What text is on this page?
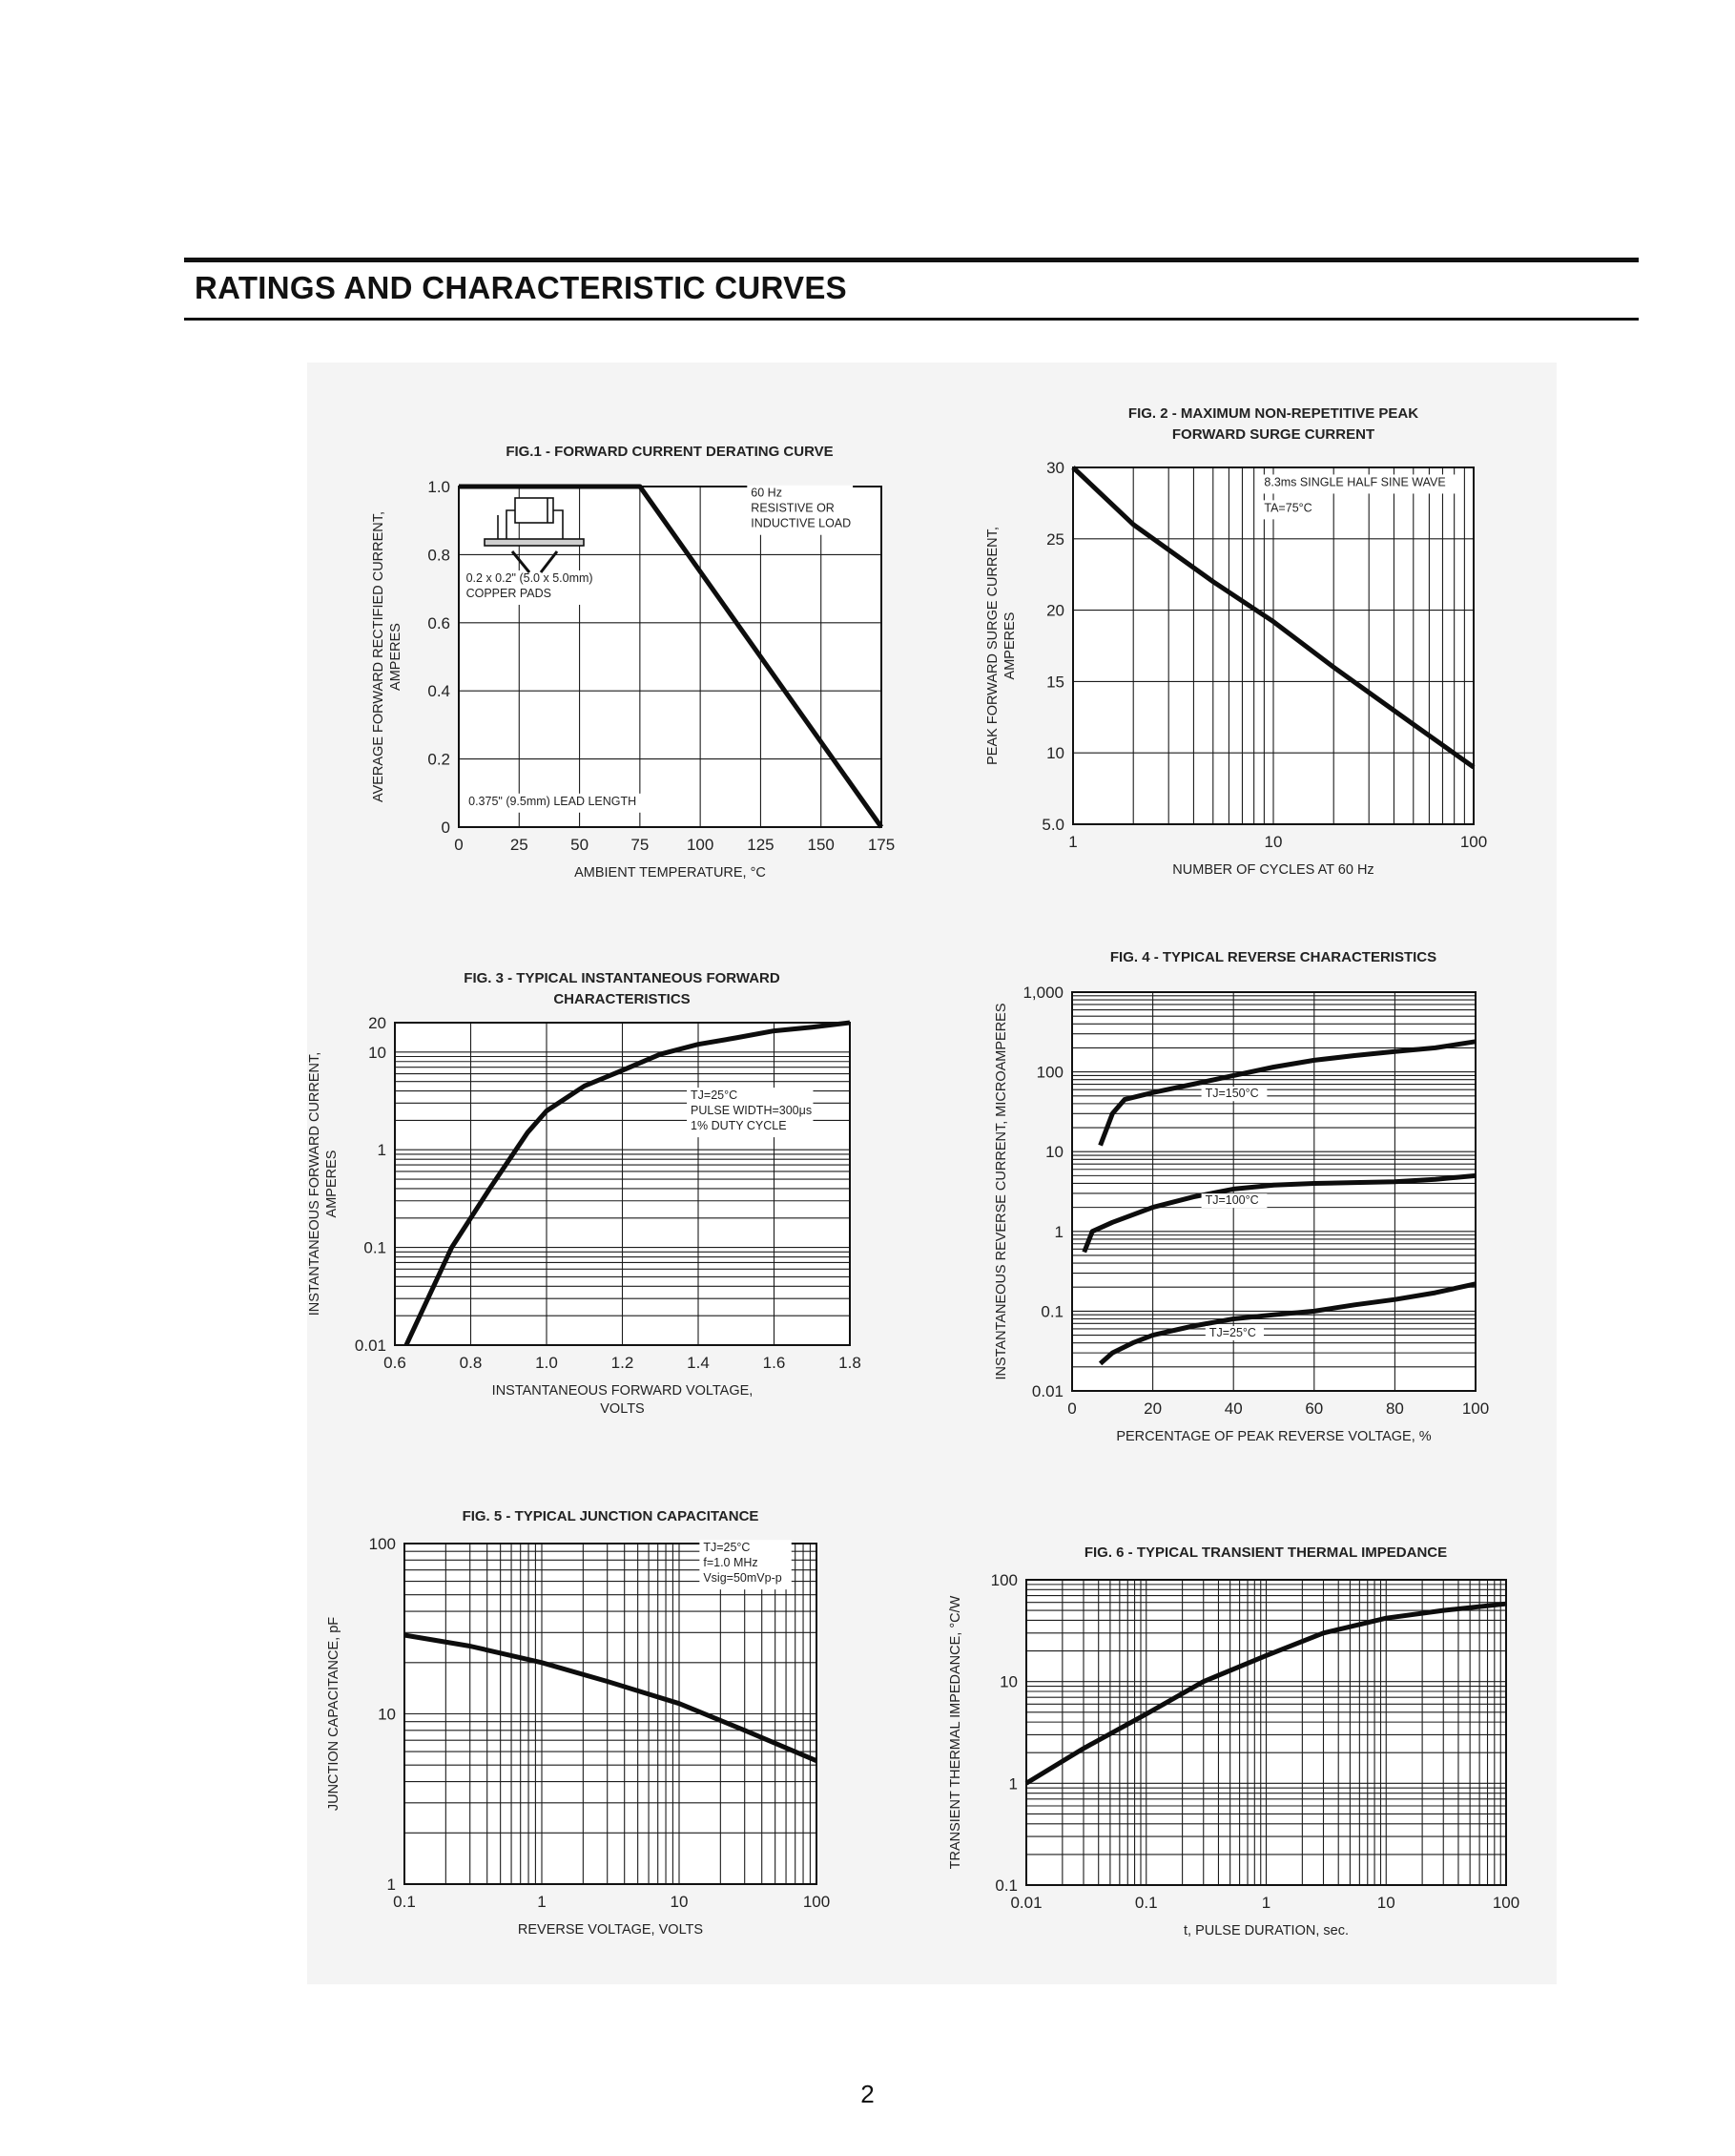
RATINGS AND CHARACTERISTIC CURVES
FIG.1 - FORWARD CURRENT DERATING CURVE
0	25	50	75 100 125 150 175
0
0.2
0.4
0.6
0.8
1.0
AMBIENT TEMPERATURE, °C
AVERAGE FORWARD RECTIFIED CURRENT, AMPERES
60 Hz
RESISTIVE OR
INDUCTIVE LOAD
0.2 x 0.2" (5.0 x 5.0mm)
COPPER PADS
0.375" (9.5mm) LEAD LENGTH
FIG. 2 - MAXIMUM NON-REPETITIVE PEAK
FORWARD SURGE CURRENT
1	10	100
5.0
10
15
20
25
30
NUMBER OF CYCLES AT 60 Hz
PEAK FORWARD SURGE CURRENT, AMPERES
8.3ms SINGLE HALF SINE WAVE
TA=75°C
FIG. 3 - TYPICAL INSTANTANEOUS FORWARD
CHARACTERISTICS
0.6	0.8	1.0	1.2	1.4	1.6	1.8
0.01
0.1
1
10
20
INSTANTANEOUS FORWARD VOLTAGE,
VOLTS
INSTANTANEOUS FORWARD CURRENT, AMPERES
TJ=25°C
PULSE WIDTH=300μs
1% DUTY CYCLE
FIG. 4 - TYPICAL REVERSE CHARACTERISTICS
0	20	40	60	80	100
0.01
0.1
1
10
100
1,000
PERCENTAGE OF PEAK REVERSE VOLTAGE, %
INSTANTANEOUS REVERSE CURRENT, MICROAMPERES	TJ=150°C
TJ=100°C
TJ=25°C
FIG. 5 - TYPICAL JUNCTION CAPACITANCE
0.1	1	10	100
1
10
100
REVERSE VOLTAGE, VOLTS
JUNCTION CAPACITANCE, pF
TJ=25°C
f=1.0 MHz
Vsig=50mVp-p
FIG. 6 - TYPICAL TRANSIENT THERMAL IMPEDANCE
0.01	0.1	1	10	100
0.1
1
10
100
t, PULSE DURATION, sec.
TRANSIENT THERMAL IMPEDANCE, °C/W
2
